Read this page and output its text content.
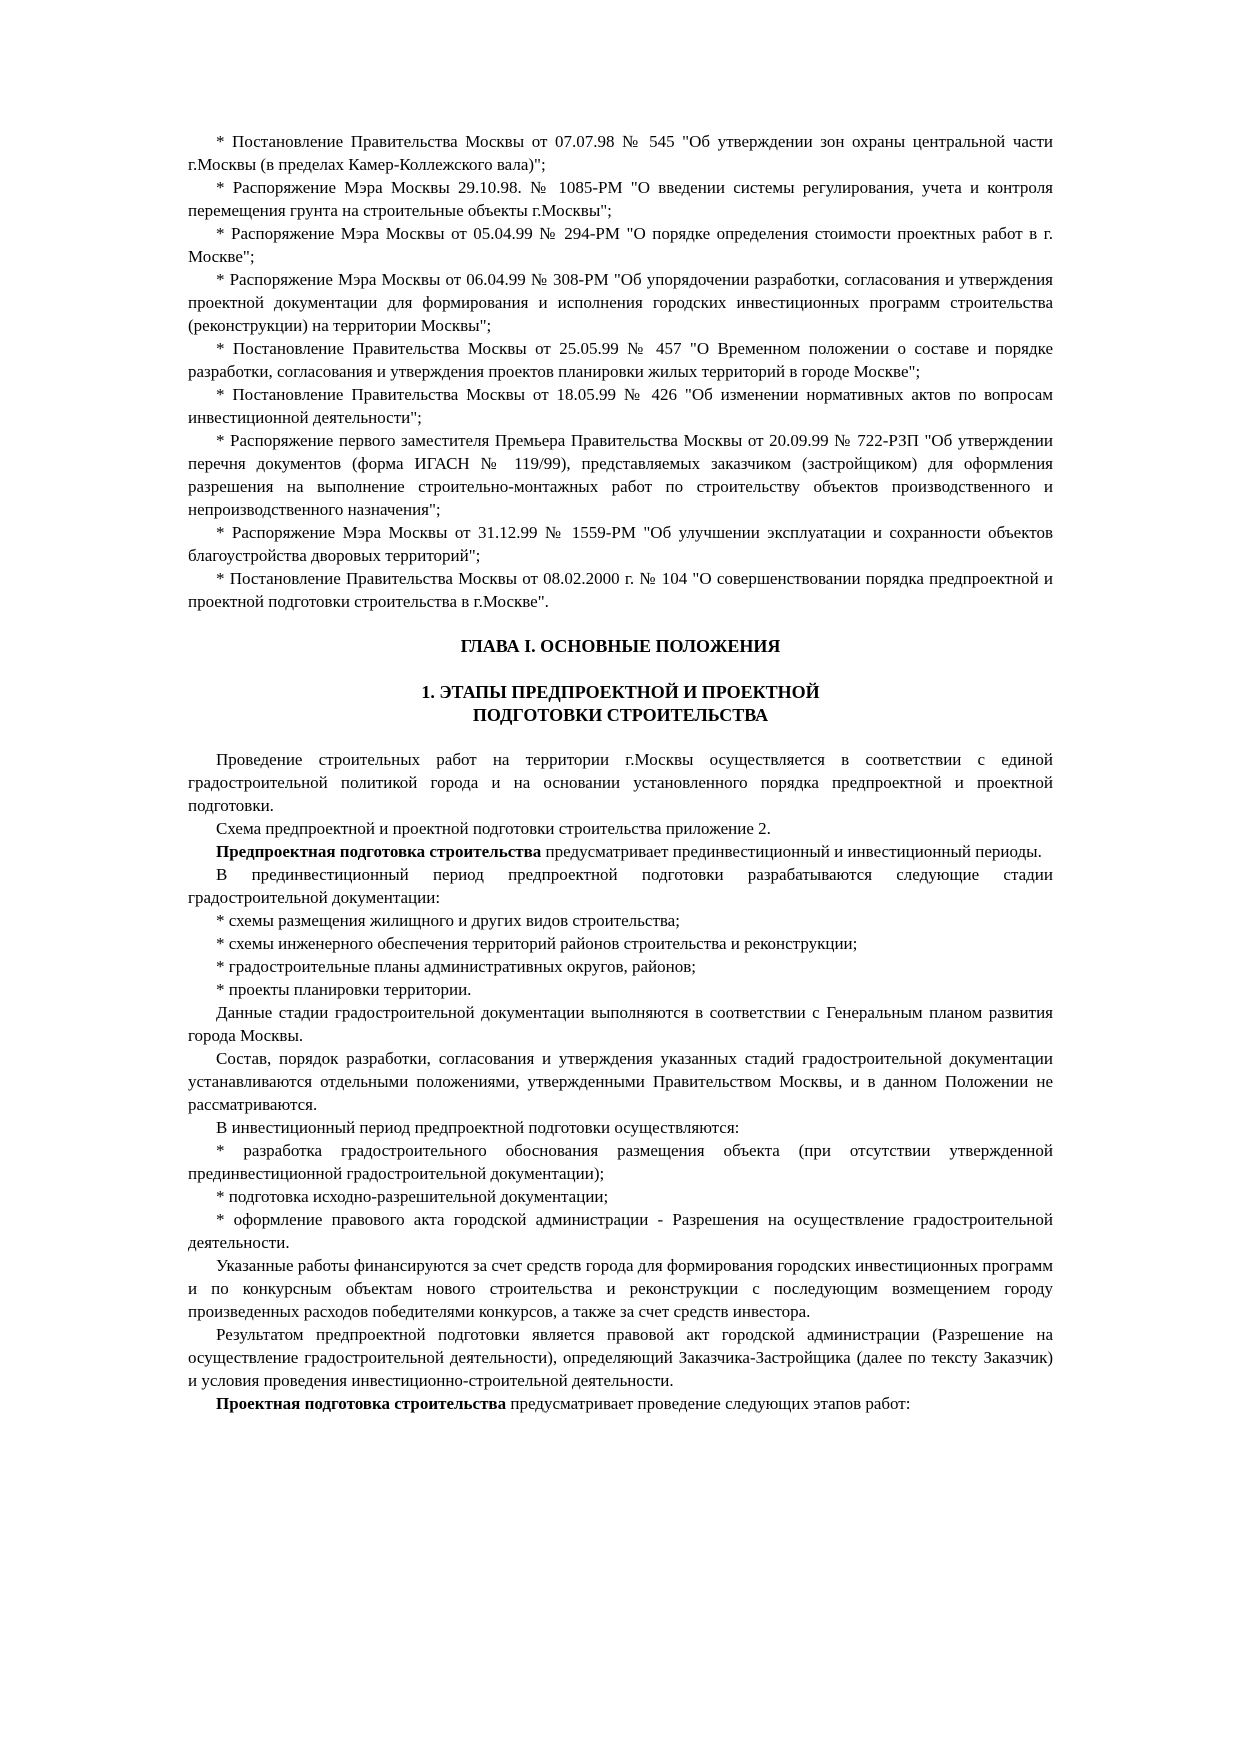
* Постановление Правительства Москвы от 07.07.98 № 545 "Об утверждении зон охраны центральной части г.Москвы (в пределах Камер-Коллежского вала)";

* Распоряжение Мэра Москвы 29.10.98. № 1085-РМ "О введении системы регулирования, учета и контроля перемещения грунта на строительные объекты г.Москвы";

* Распоряжение Мэра Москвы от 05.04.99 № 294-РМ "О порядке определения стоимости проектных работ в г. Москве";

* Распоряжение Мэра Москвы от 06.04.99 № 308-РМ "Об упорядочении разработки, согласования и утверждения проектной документации для формирования и исполнения городских инвестиционных программ строительства (реконструкции) на территории Москвы";

* Постановление Правительства Москвы от 25.05.99 № 457 "О Временном положении о составе и порядке разработки, согласования и утверждения проектов планировки жилых территорий в городе Москве";

* Постановление Правительства Москвы от 18.05.99 № 426 "Об изменении нормативных актов по вопросам инвестиционной деятельности";

* Распоряжение первого заместителя Премьера Правительства Москвы от 20.09.99 № 722-РЗП "Об утверждении перечня документов (форма ИГАСН № 119/99), представляемых заказчиком (застройщиком) для оформления разрешения на выполнение строительно-монтажных работ по строительству объектов производственного и непроизводственного назначения";

* Распоряжение Мэра Москвы от 31.12.99 № 1559-РМ "Об улучшении эксплуатации и сохранности объектов благоустройства дворовых территорий";

* Постановление Правительства Москвы от 08.02.2000 г. № 104 "О совершенствовании порядка предпроектной и проектной подготовки строительства в г.Москве".

ГЛАВА I. ОСНОВНЫЕ ПОЛОЖЕНИЯ
1. ЭТАПЫ ПРЕДПРОЕКТНОЙ И ПРОЕКТНОЙ
ПОДГОТОВКИ СТРОИТЕЛЬСТВА

Проведение строительных работ на территории г.Москвы осуществляется в соответствии с единой градостроительной политикой города и на основании установленного порядка предпроектной и проектной подготовки.

Схема предпроектной и проектной подготовки строительства приложение 2.

Предпроектная подготовка строительства предусматривает прединвестиционный и инвестиционный периоды.

В прединвестиционный период предпроектной подготовки разрабатываются следующие стадии градостроительной документации:

* схемы размещения жилищного и других видов строительства;

* схемы инженерного обеспечения территорий районов строительства и реконструкции;

* градостроительные планы административных округов, районов;

* проекты планировки территории.

Данные стадии градостроительной документации выполняются в соответствии с Генеральным планом развития города Москвы.

Состав, порядок разработки, согласования и утверждения указанных стадий градостроительной документации устанавливаются отдельными положениями, утвержденными Правительством Москвы, и в данном Положении не рассматриваются.

В инвестиционный период предпроектной подготовки осуществляются:

* разработка градостроительного обоснования размещения объекта (при отсутствии утвержденной прединвестиционной градостроительной документации);

* подготовка исходно-разрешительной документации;

* оформление правового акта городской администрации - Разрешения на осуществление градостроительной деятельности.

Указанные работы финансируются за счет средств города для формирования городских инвестиционных программ и по конкурсным объектам нового строительства и реконструкции с последующим возмещением городу произведенных расходов победителями конкурсов, а также за счет средств инвестора.

Результатом предпроектной подготовки является правовой акт городской администрации (Разрешение на осуществление градостроительной деятельности), определяющий Заказчика-Застройщика (далее по тексту Заказчик) и условия проведения инвестиционно-строительной деятельности.

Проектная подготовка строительства предусматривает проведение следующих этапов работ:
